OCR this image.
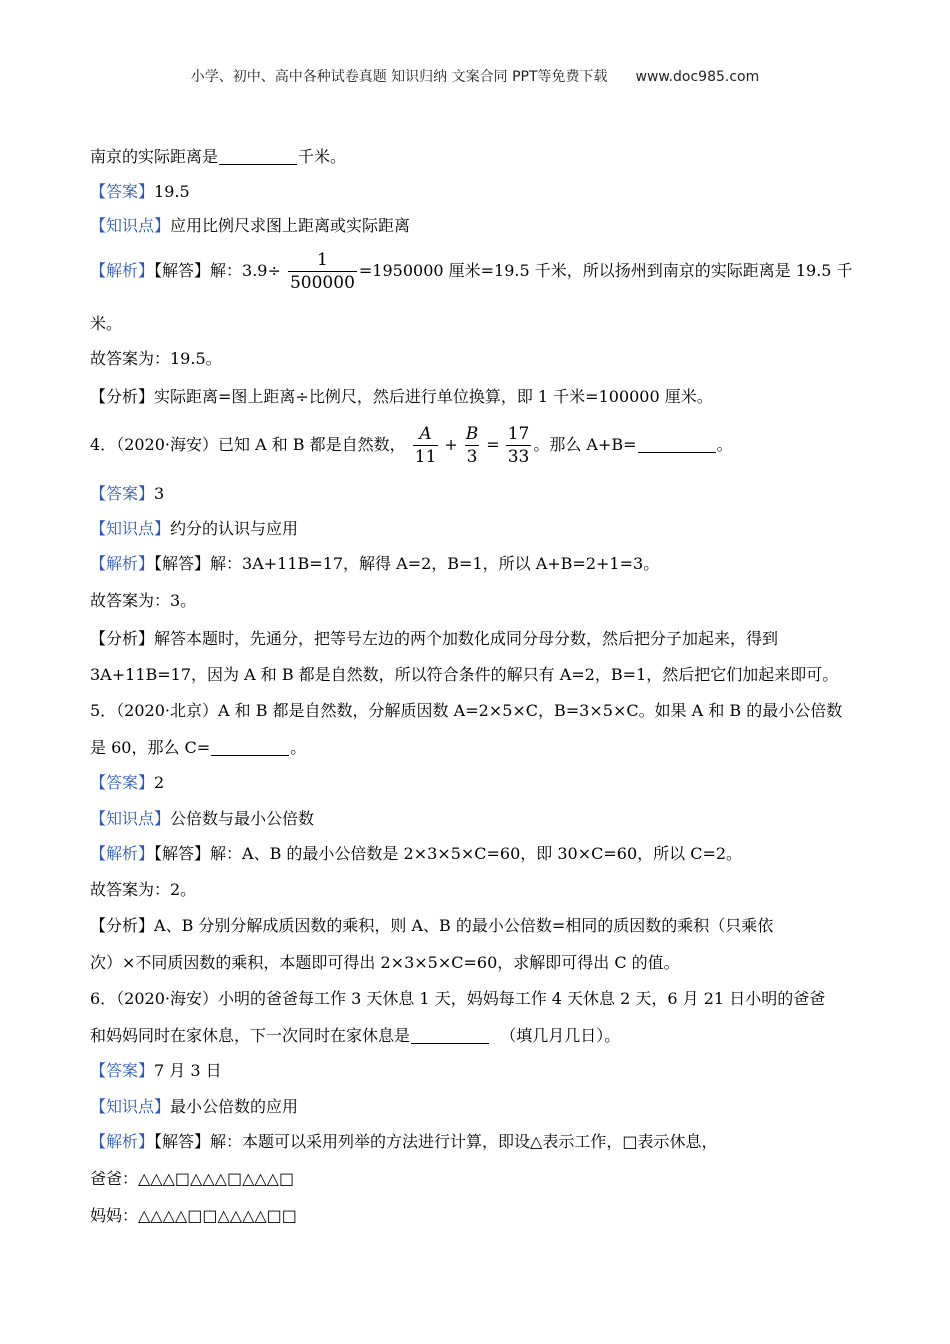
小学、初中、高中各种试卷真题 知识归纳 文案合同 PPT等免费下载 www.doc985.com
南京的实际距离是	千米。
【答案】19.5
【知识点】应用比例尺求图上距离或实际距离
【解析】【解答】解：$3.9\div \frac{1}{500000} =1950000$ 厘米=19.5 千米，所以扬州到南京的实际距离是 19.5 千
米。
故答案为：19.5。
【分析】实际距离=图上距离÷比例尺，然后进行单位换算，即 1 千米=100000 厘米。
4．（2020·海安）已知 A 和 B 都是自然数， $\frac{A}{11} + \frac{B}{3} = \frac{17}{33}$ 。那么 A+B=	。
【答案】3
【知识点】约分的认识与应用
【解析】【解答】解：3A+11B=17，解得 A=2，B=1，所以 A+B=2+1=3。
故答案为：3。
【分析】解答本题时，先通分，把等号左边的两个加数化成同分母分数，然后把分子加起来，得到
3A+11B=17，因为 A 和 B 都是自然数，所以符合条件的解只有 A=2，B=1，然后把它们加起来即可。
5．（2020·北京）A 和 B 都是自然数，分解质因数 A=2×5×C，B=3×5×C。如果 A 和 B 的最小公倍数
是 60，那么 C=	。
【答案】2
【知识点】公倍数与最小公倍数
【解析】【解答】解：A、B 的最小公倍数是 2×3×5×C=60，即 30×C=60，所以 C=2。
故答案为：2。
【分析】A、B 分别分解成质因数的乘积，则 A、B 的最小公倍数=相同的质因数的乘积（只乘依
次）×不同质因数的乘积，本题即可得出 2×3×5×C=60，求解即可得出 C 的值。
6．（2020·海安）小明的爸爸每工作 3 天休息 1 天，妈妈每工作 4 天休息 2 天，6 月 21 日小明的爸爸
和妈妈同时在家休息，下一次同时在家休息是	（填几月几日）。
【答案】7 月 3 日
【知识点】最小公倍数的应用
【解析】【解答】解：本题可以采用列举的方法进行计算，即设△表示工作，□表示休息，
爸爸：△△△□△△△□△△△□
妈妈：△△△△□□△△△△□□
